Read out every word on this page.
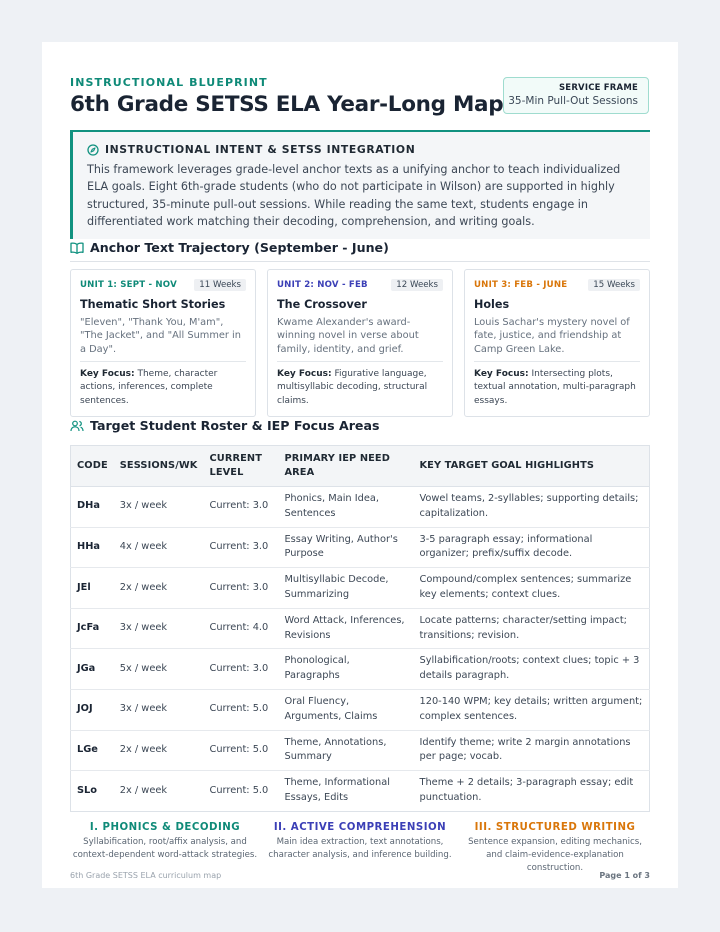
INSTRUCTIONAL BLUEPRINT
6th Grade SETSS ELA Year-Long Map
SERVICE FRAME
35-Min Pull-Out Sessions
INSTRUCTIONAL INTENT & SETSS INTEGRATION

This framework leverages grade-level anchor texts as a unifying anchor to teach individualized ELA goals. Eight 6th-grade students (who do not participate in Wilson) are supported in highly structured, 35-minute pull-out sessions. While reading the same text, students engage in differentiated work matching their decoding, comprehension, and writing goals.

Anchor Text Trajectory (September - June)
UNIT 1: SEPT - NOV	11 Weeks
Thematic Short Stories
"Eleven", "Thank You, M'am", "The Jacket", and "All Summer in a Day".
Key Focus: Theme, character actions, inferences, complete sentences.
UNIT 2: NOV - FEB	12 Weeks
The Crossover
Kwame Alexander's award-winning novel in verse about family, identity, and grief.
Key Focus: Figurative language, multisyllabic decoding, structural claims.
UNIT 3: FEB - JUNE	15 Weeks
Holes
Louis Sachar's mystery novel of fate, justice, and friendship at Camp Green Lake.
Key Focus: Intersecting plots, textual annotation, multi-paragraph essays.
Target Student Roster & IEP Focus Areas
CODE	SESSIONS/WK	CURRENT LEVEL	PRIMARY IEP NEED AREA	KEY TARGET GOAL HIGHLIGHTS
DHa	3x / week	Current: 3.0	Phonics, Main Idea, Sentences	Vowel teams, 2-syllables; supporting details; capitalization.
HHa	4x / week	Current: 3.0	Essay Writing, Author's Purpose	3-5 paragraph essay; informational organizer; prefix/suffix decode.
JEl	2x / week	Current: 3.0	Multisyllabic Decode, Summarizing	Compound/complex sentences; summarize key elements; context clues.
JcFa	3x / week	Current: 4.0	Word Attack, Inferences, Revisions	Locate patterns; character/setting impact; transitions; revision.
JGa	5x / week	Current: 3.0	Phonological, Paragraphs	Syllabification/roots; context clues; topic + 3 details paragraph.
JOJ	3x / week	Current: 5.0	Oral Fluency, Arguments, Claims	120-140 WPM; key details; written argument; complex sentences.
LGe	2x / week	Current: 5.0	Theme, Annotations, Summary	Identify theme; write 2 margin annotations per page; vocab.
SLo	2x / week	Current: 5.0	Theme, Informational Essays, Edits	Theme + 2 details; 3-paragraph essay; edit punctuation.
I. PHONICS & DECODING
Syllabification, root/affix analysis, and context-dependent word-attack strategies.
II. ACTIVE COMPREHENSION
Main idea extraction, text annotations, character analysis, and inference building.
III. STRUCTURED WRITING
Sentence expansion, editing mechanics, and claim-evidence-explanation construction.
6th Grade SETSS ELA curriculum map	Page 1 of 3
